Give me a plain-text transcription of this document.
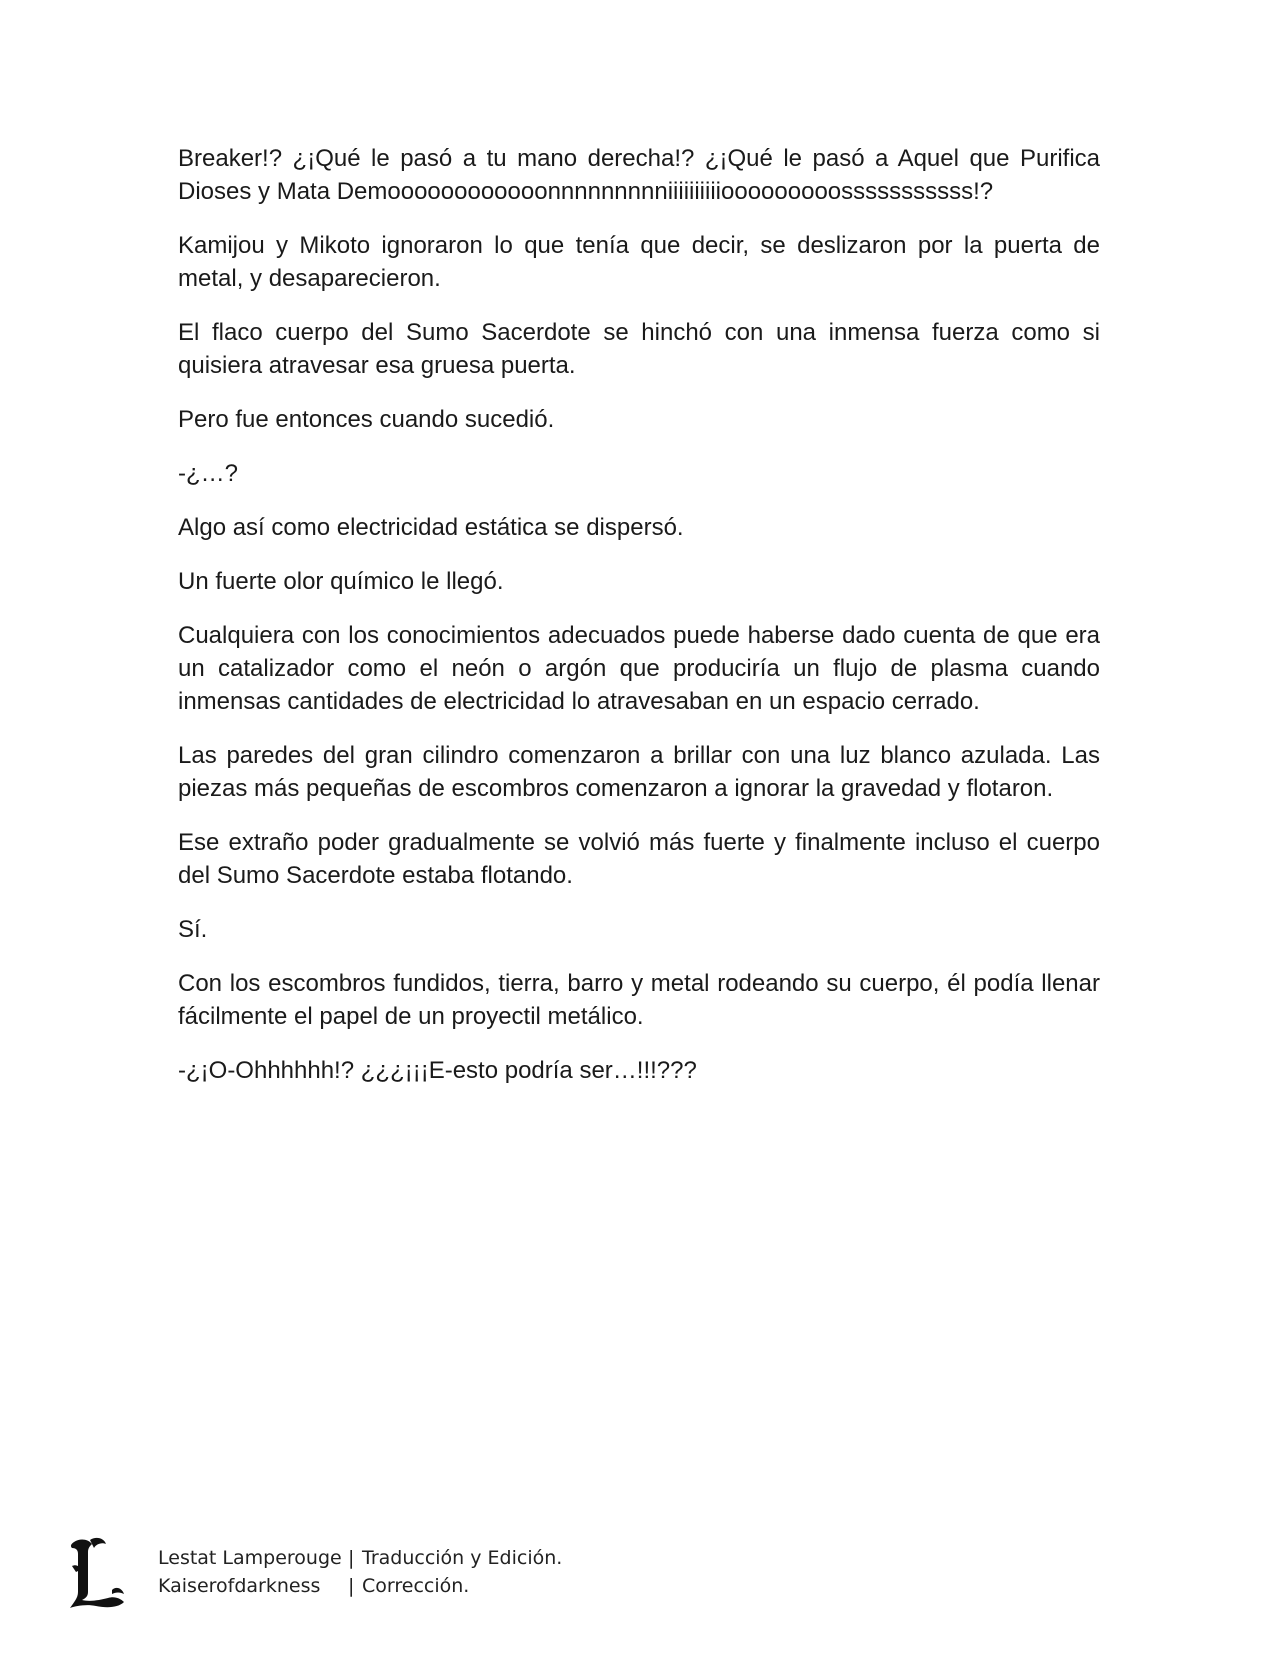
Breaker!? ¿¡Qué le pasó a tu mano derecha!? ¿¡Qué le pasó a Aquel que Purifica Dioses y Mata Demoooooooooooonnnnnnnnniiiiiiiiiiooooooooosssssssssss!?

Kamijou y Mikoto ignoraron lo que tenía que decir, se deslizaron por la puerta de metal, y desaparecieron.

El flaco cuerpo del Sumo Sacerdote se hinchó con una inmensa fuerza como si quisiera atravesar esa gruesa puerta.

Pero fue entonces cuando sucedió.

-¿…?

Algo así como electricidad estática se dispersó.

Un fuerte olor químico le llegó.

Cualquiera con los conocimientos adecuados puede haberse dado cuenta de que era un catalizador como el neón o argón que produciría un flujo de plasma cuando inmensas cantidades de electricidad lo atravesaban en un espacio cerrado.

Las paredes del gran cilindro comenzaron a brillar con una luz blanco azulada. Las piezas más pequeñas de escombros comenzaron a ignorar la gravedad y flotaron.

Ese extraño poder gradualmente se volvió más fuerte y finalmente incluso el cuerpo del Sumo Sacerdote estaba flotando.

Sí.

Con los escombros fundidos, tierra, barro y metal rodeando su cuerpo, él podía llenar fácilmente el papel de un proyectil metálico.

-¿¡O-Ohhhhhh!? ¿¿¿¡¡¡E-esto podría ser…!!!???

Lestat Lamperouge | Traducción y Edición.
Kaiserofdarkness	| Corrección.
